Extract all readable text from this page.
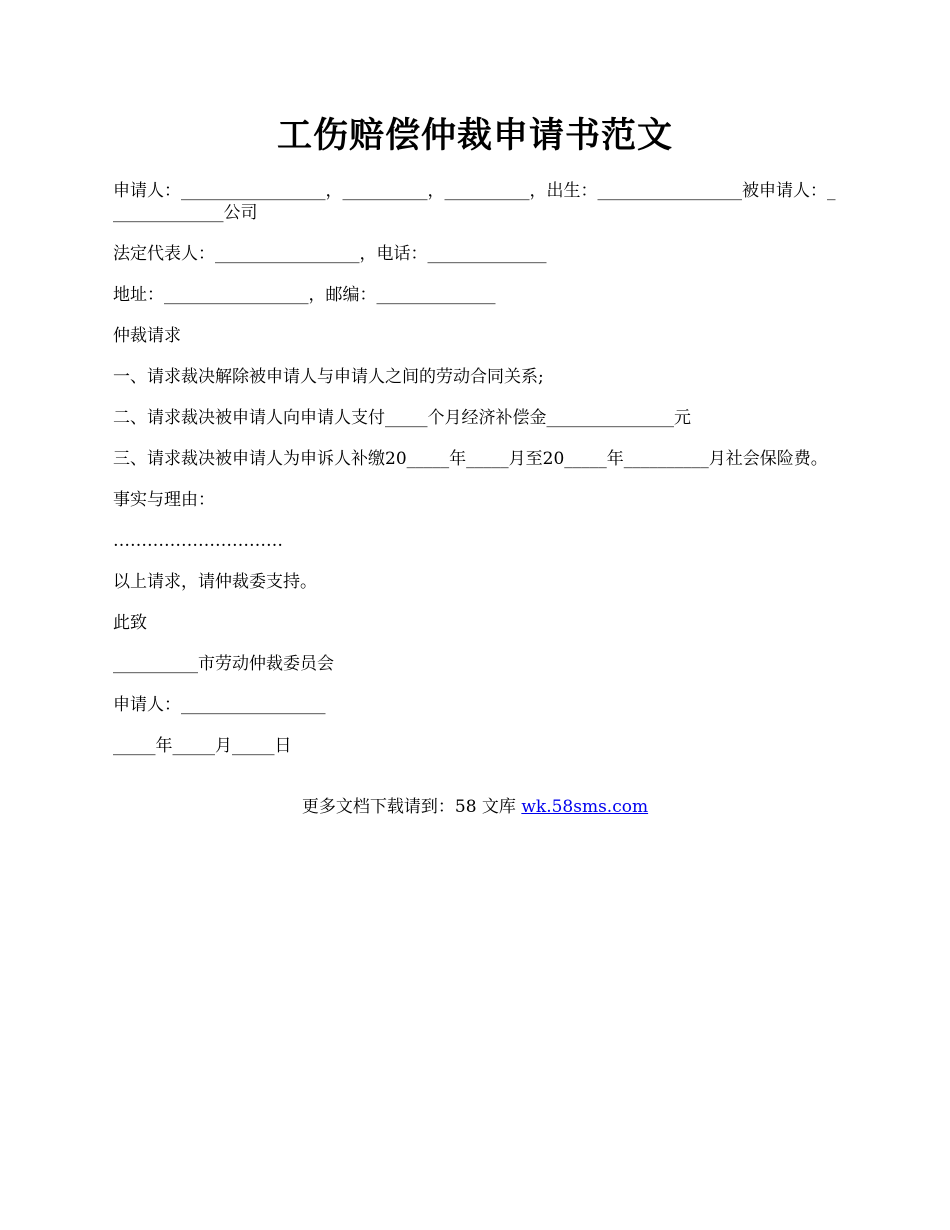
工伤赔偿仲裁申请书范文

申请人：_________________，__________，__________，出生：_________________被申请人：______________公司

法定代表人：_________________，电话：______________

地址：_________________，邮编：______________

仲裁请求

一、请求裁决解除被申请人与申请人之间的劳动合同关系;

二、请求裁决被申请人向申请人支付_____个月经济补偿金_______________元

三、请求裁决被申请人为申诉人补缴20_____年_____月至20_____年__________月社会保险费。

事实与理由：

…………………………

以上请求，请仲裁委支持。

此致

__________市劳动仲裁委员会

申请人：_________________

_____年_____月_____日

更多文档下载请到：58 文库 wk.58sms.com
